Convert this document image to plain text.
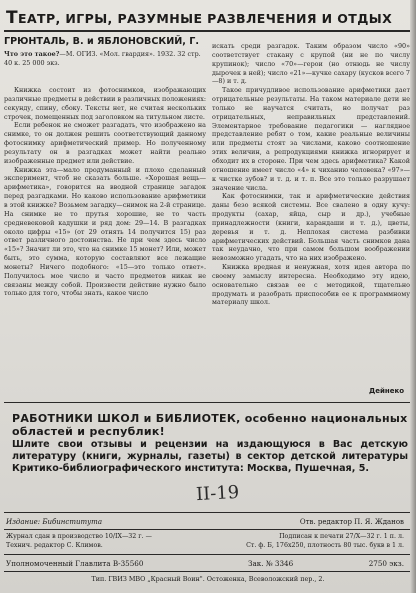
ТЕАТР, ИГРЫ, РАЗУМНЫЕ РАЗВЛЕЧЕНИЯ И ОТДЫХ
ГРЮНТАЛЬ, В. и ЯБЛОНОВСКИЙ, Г.
Что это такое?—М. ОГИЗ. «Мол. гвардия». 1932. 32 стр. 40 к. 25 000 экз.

Книжка состоит из фотоснимков, изображающих различные предметы в действии в различных положениях: секунду, спину, сбоку. Тексты нет, не считая нескольких строчек, помещенных под заголовком на титульном листе.

Если ребенок не сможет разгадать, что изображено на снимке, то он должен решить соответствующий данному фотоснимку арифметический пример. Но полученному результату он в разгадках может найти реально изображенные предмет или действие.

Книжка эта—мало продуманный и плохо сделанный эксперимент, чтоб не сказать больше. «Хорошая вещь—арифметика», говорится на вводной странице загадок перед разгадками. Но каково использование арифметики в этой книжке? Возьмем загадку—снимок на 2-й странице. На снимке не то прутья хорошие, не то часть средневековой кадушки и ряд дом: 29—14. В разгадках около цифры «15» (от 29 отнять 14 получится 15) раз ответ различного достоинства. Не при чем здесь число «15»? Значит ли это, что на снимке 15 монет? Или, может быть, это сумма, которую составляют все лежащие монеты? Ничего подобного: «15—это только ответ». Получилось мое число и часто предметов никак не связаны между собой. Произвести действие нужно было только для того, чтобы знать, какое число

искать среди разгадок. Таким образом число «90» соответствует стакану с крупой (ни не по числу крупинок); число «70»—герои (но отнюдь не числу дырочек в ней); число «21»—кучке сахару (кусков всего 7—8) и т. д.

Такое причудливое использование арифметики дает отрицательные результаты. На таком материале дети не только не научатся считать, но получат раз отрицательных, неправильных представлений. Элементарное требование педагогики — наглядное представление ребят о том, какие реальные величины или предметы стоят за числами, каково соотношение этих величин, а репродукциями книжка игнорирует и обходит их в стороне. При чем здесь арифметика? Какой отношение имеет число «4» к чиханию человека? «97»—к чистке зубов? и т. д. и т. п. Все это только разрушает значение числа.

Как фотоснимки, так и арифметические действия даны безо всякой системы. Все свалено в одну кучу: продукты (сахар, яйца, сыр и др.), учебные принадлежности (книги, карандаши и т. д.), цветы, деревья и т. д. Неплохая система разбивки арифметических действий. Большая часть снимков дана так неудачно, что при самом большом воображении невозможно угадать, что на них изображено.

Книжка вредная и ненужная, хотя идея автора по своему замыслу интересна. Необходимо эту идею, основательно связав ее с методикой, тщательно продумать и разобрать приспособив ее к программному материалу школ.

Дейнеко
РАБОТНИКИ ШКОЛ и БИБЛИОТЕК, особенно национальных областей и республик!
Шлите свои отзывы и рецензии на издающуюся в Вас детскую литературу (книги, журналы, газеты) в сектор детской литературы Критико-библиографического института: Москва, Пушечная, 5.
II-19
Издание: Бибинститута	Отв. редактор П. Я. Жданов
Журнал сдан в производство 10/IX—32 г. —
Технич. редактор С. Климов.
Подписан к печати 27/X—32 г. 1 п. л.
Ст. ф. Б, 176x250, плотность 80 тыс. букв в 1 л.
Уполномоченный Главлита В-35560	Зак. № 3346	2750 экз.
Тип. ГВИЗ МВО „Красный Воин". Остоженка, Всеволожский пер., 2.
